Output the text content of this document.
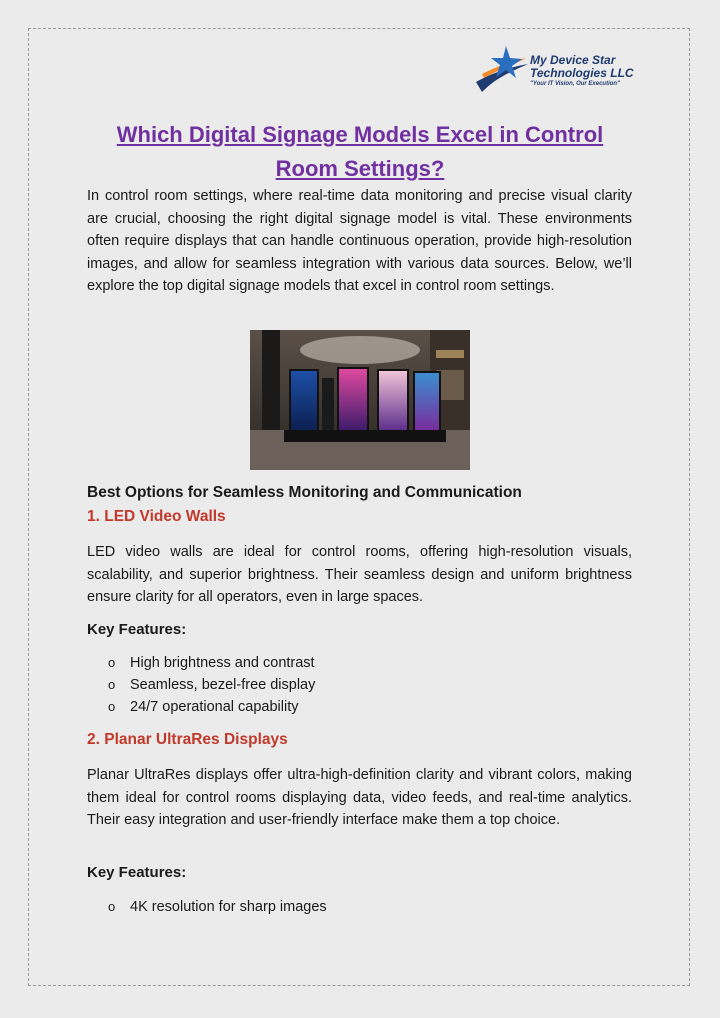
My Device Star
Technologies LLC
"Your IT Vision, Our Execution"
Which Digital Signage Models Excel in Control Room Settings?

In control room settings, where real-time data monitoring and precise visual clarity are crucial, choosing the right digital signage model is vital. These environments often require displays that can handle continuous operation, provide high-resolution images, and allow for seamless integration with various data sources. Below, we’ll explore the top digital signage models that excel in control room settings.

Best Options for Seamless Monitoring and Communication

1. LED Video Walls

LED video walls are ideal for control rooms, offering high-resolution visuals, scalability, and superior brightness. Their seamless design and uniform brightness ensure clarity for all operators, even in large spaces.

Key Features:

o High brightness and contrast
o Seamless, bezel-free display
o 24/7 operational capability

2. Planar UltraRes Displays

Planar UltraRes displays offer ultra-high-definition clarity and vibrant colors, making them ideal for control rooms displaying data, video feeds, and real-time analytics. Their easy integration and user-friendly interface make them a top choice.

Key Features:

o 4K resolution for sharp images
